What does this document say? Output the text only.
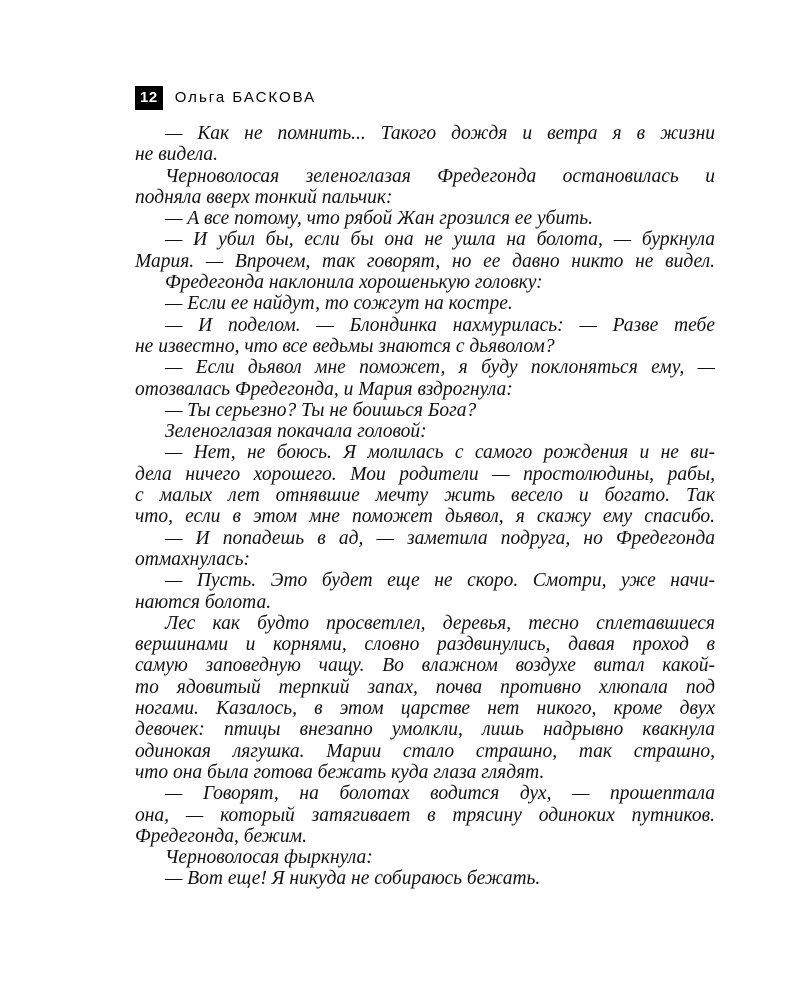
12	Ольга БАСКОВА
— Как не помнить... Такого дождя и ветра я в жизни
не видела.
Черноволосая зеленоглазая Фредегонда остановилась и
подняла вверх тонкий пальчик:
— А все потому, что рябой Жан грозился ее убить.
— И убил бы, если бы она не ушла на болота, — буркнула
Мария. — Впрочем, так говорят, но ее давно никто не видел.
Фредегонда наклонила хорошенькую головку:
— Если ее найдут, то сожгут на костре.
— И поделом. — Блондинка нахмурилась: — Разве тебе
не известно, что все ведьмы знаются с дьяволом?
— Если дьявол мне поможет, я буду поклоняться ему, —
отозвалась Фредегонда, и Мария вздрогнула:
— Ты серьезно? Ты не боишься Бога?
Зеленоглазая покачала головой:
— Нет, не боюсь. Я молилась с самого рождения и не ви-
дела ничего хорошего. Мои родители — простолюдины, рабы,
с малых лет отнявшие мечту жить весело и богато. Так
что, если в этом мне поможет дьявол, я скажу ему спасибо.
— И попадешь в ад, — заметила подруга, но Фредегонда
отмахнулась:
— Пусть. Это будет еще не скоро. Смотри, уже начи-
наются болота.
Лес как будто просветлел, деревья, тесно сплетавшиеся
вершинами и корнями, словно раздвинулись, давая проход в
самую заповедную чащу. Во влажном воздухе витал какой-
то ядовитый терпкий запах, почва противно хлюпала под
ногами. Казалось, в этом царстве нет никого, кроме двух
девочек: птицы внезапно умолкли, лишь надрывно квакнула
одинокая лягушка. Марии стало страшно, так страшно,
что она была готова бежать куда глаза глядят.
— Говорят, на болотах водится дух, — прошептала
она, — который затягивает в трясину одиноких путников.
Фредегонда, бежим.
Черноволосая фыркнула:
— Вот еще! Я никуда не собираюсь бежать.
